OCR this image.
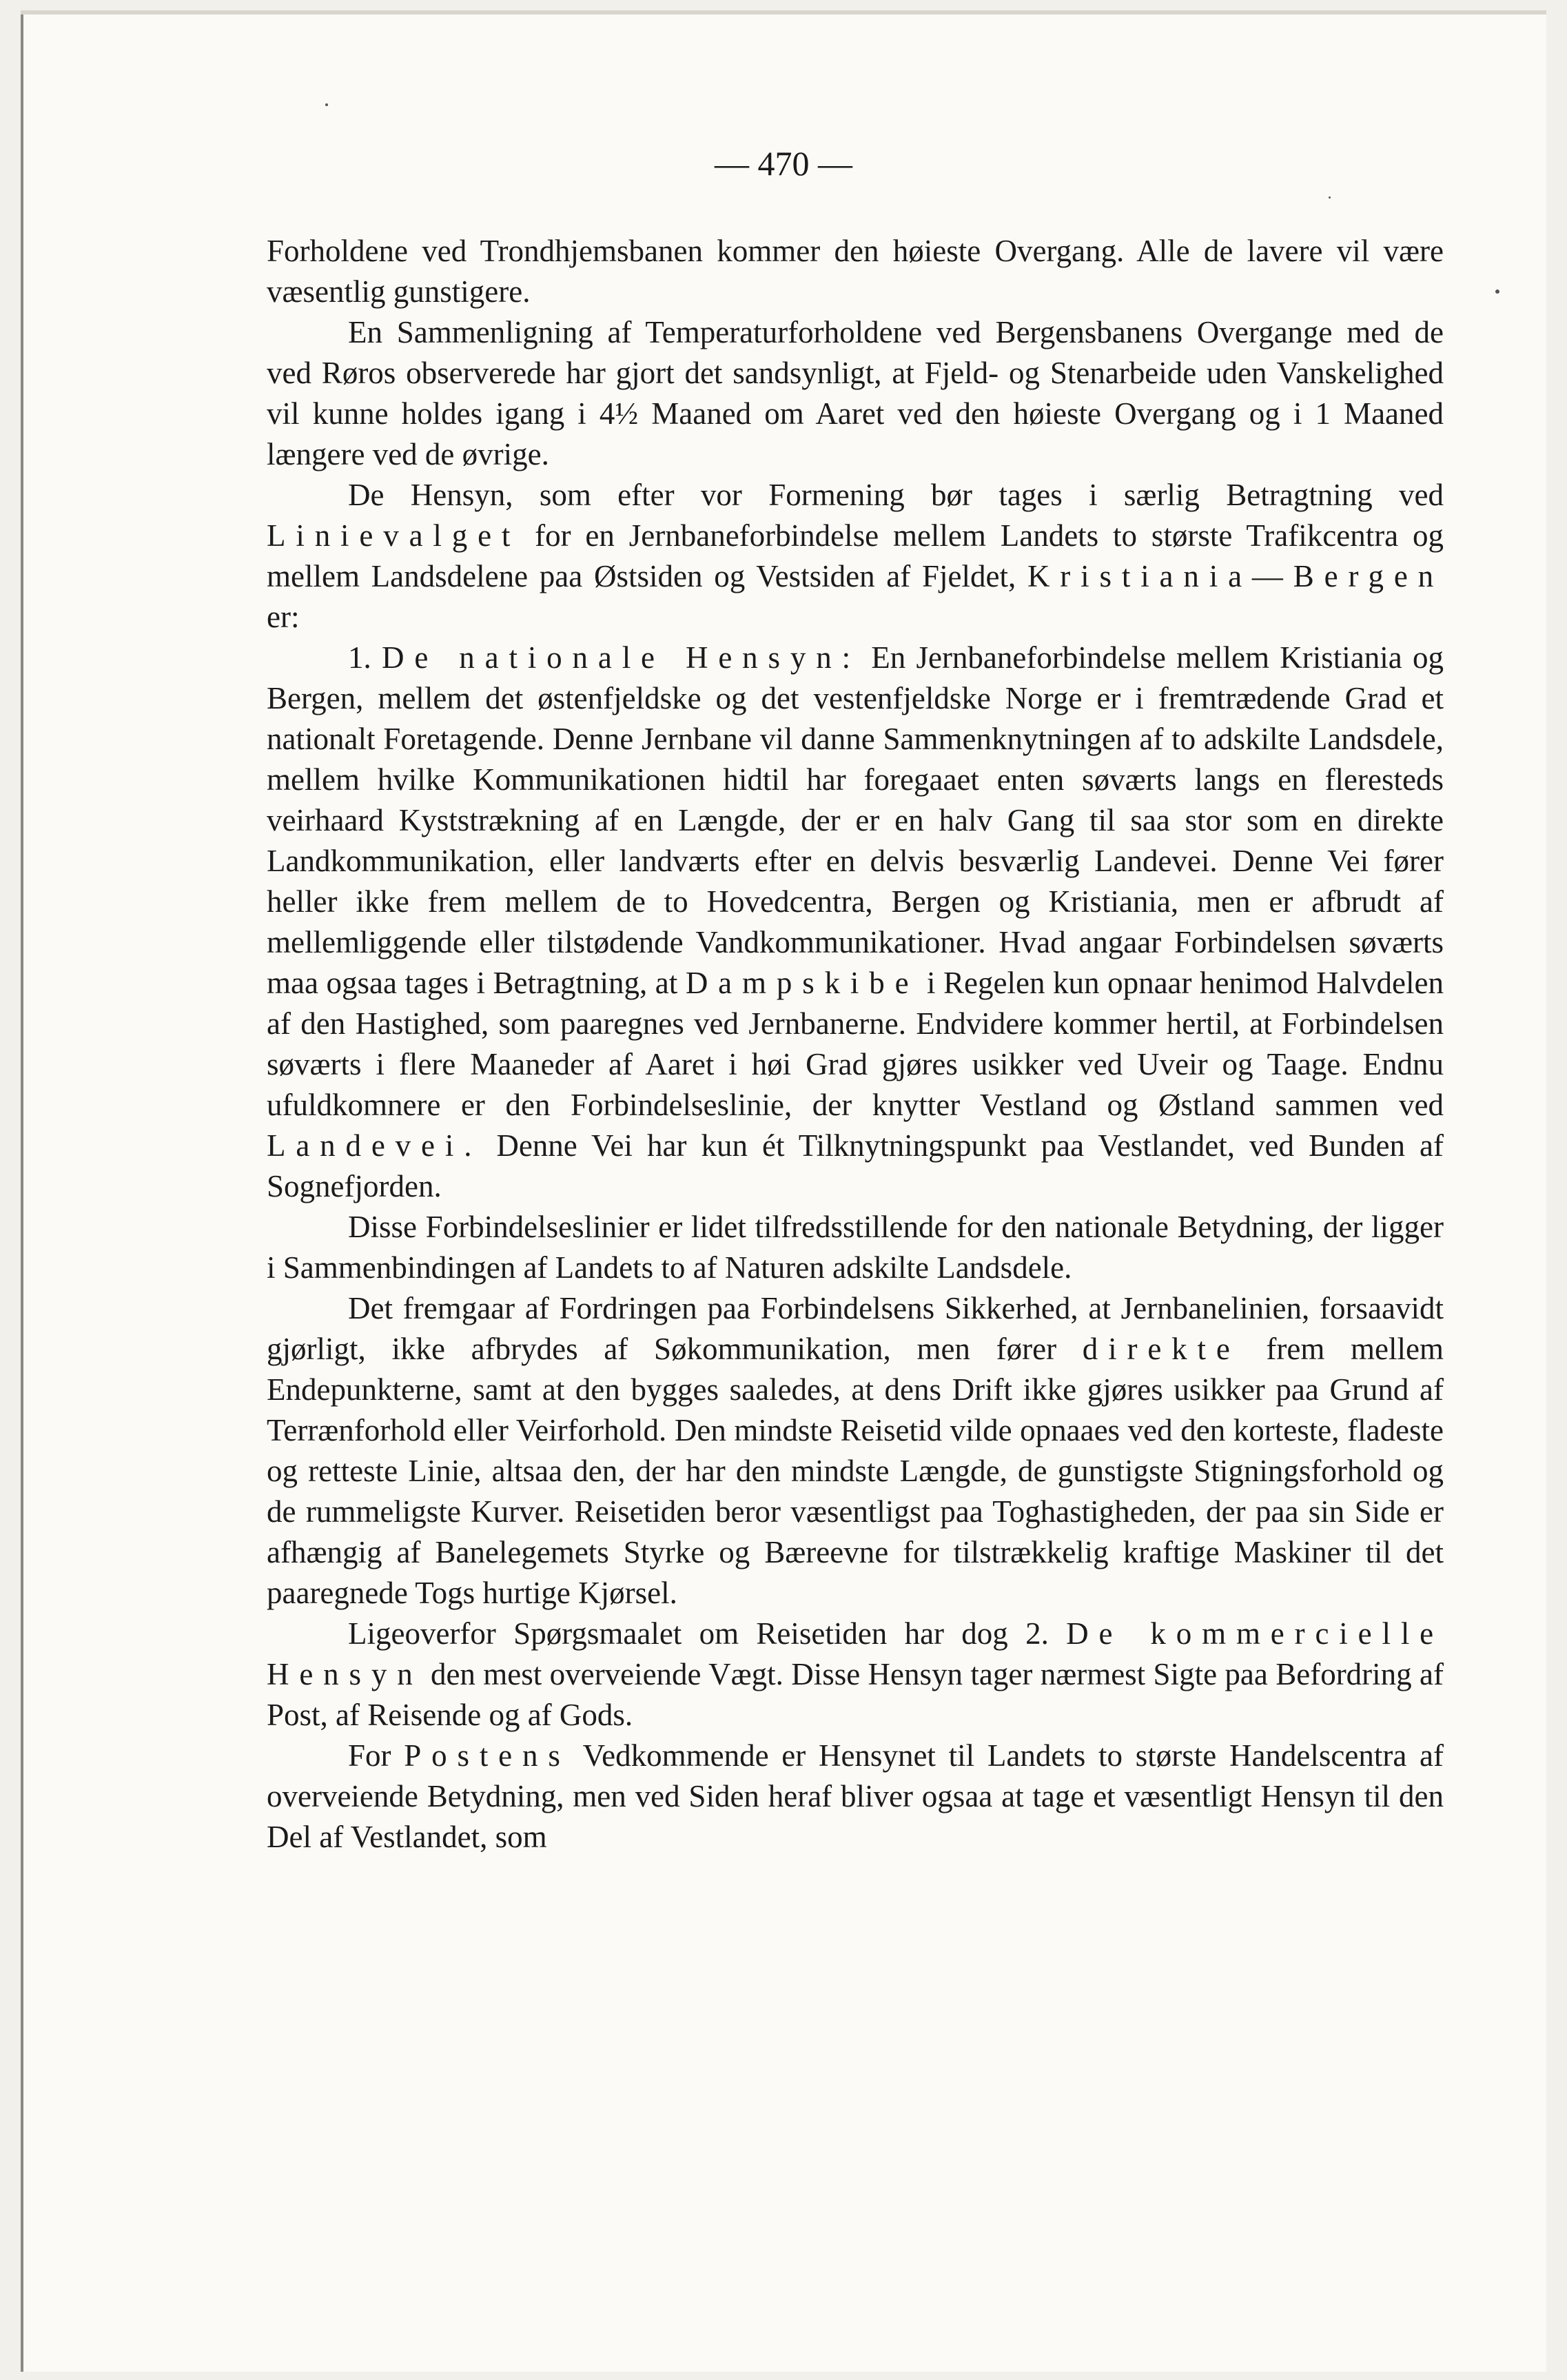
— 470 —

Forholdene ved Trondhjemsbanen kommer den høieste Overgang. Alle de lavere vil være væsentlig gunstigere.

En Sammenligning af Temperaturforholdene ved Bergensbanens Overgange med de ved Røros observerede har gjort det sandsynligt, at Fjeld- og Stenarbeide uden Vanskelighed vil kunne holdes igang i 4½ Maaned om Aaret ved den høieste Overgang og i 1 Maaned længere ved de øvrige.

De Hensyn, som efter vor Formening bør tages i særlig Betragtning ved Linievalget for en Jernbaneforbindelse mellem Landets to største Trafikcentra og mellem Landsdelene paa Østsiden og Vestsiden af Fjeldet, Kristiania—Bergen er:

1. De nationale Hensyn: En Jernbaneforbindelse mellem Kristiania og Bergen, mellem det østenfjeldske og det vestenfjeldske Norge er i fremtrædende Grad et nationalt Foretagende. Denne Jernbane vil danne Sammenknytningen af to adskilte Landsdele, mellem hvilke Kommunikationen hidtil har foregaaet enten søværts langs en fleresteds veirhaard Kyststrækning af en Længde, der er en halv Gang til saa stor som en direkte Landkommunikation, eller landværts efter en delvis besværlig Landevei. Denne Vei fører heller ikke frem mellem de to Hovedcentra, Bergen og Kristiania, men er afbrudt af mellemliggende eller tilstødende Vandkommunikationer. Hvad angaar Forbindelsen søværts maa ogsaa tages i Betragtning, at Dampskibe i Regelen kun opnaar henimod Halvdelen af den Hastighed, som paaregnes ved Jernbanerne. Endvidere kommer hertil, at Forbindelsen søværts i flere Maaneder af Aaret i høi Grad gjøres usikker ved Uveir og Taage. Endnu ufuldkomnere er den Forbindelseslinie, der knytter Vestland og Østland sammen ved Landevei. Denne Vei har kun ét Tilknytningspunkt paa Vestlandet, ved Bunden af Sognefjorden.

Disse Forbindelseslinier er lidet tilfredsstillende for den nationale Betydning, der ligger i Sammenbindingen af Landets to af Naturen adskilte Landsdele.

Det fremgaar af Fordringen paa Forbindelsens Sikkerhed, at Jernbanelinien, forsaavidt gjørligt, ikke afbrydes af Søkommunikation, men fører direkte frem mellem Endepunkterne, samt at den bygges saaledes, at dens Drift ikke gjøres usikker paa Grund af Terrænforhold eller Veirforhold. Den mindste Reisetid vilde opnaaes ved den korteste, fladeste og retteste Linie, altsaa den, der har den mindste Længde, de gunstigste Stigningsforhold og de rummeligste Kurver. Reisetiden beror væsentligst paa Toghastigheden, der paa sin Side er afhængig af Banelegemets Styrke og Bæreevne for tilstrækkelig kraftige Maskiner til det paaregnede Togs hurtige Kjørsel.

Ligeoverfor Spørgsmaalet om Reisetiden har dog 2. De kommercielle Hensyn den mest overveiende Vægt. Disse Hensyn tager nærmest Sigte paa Befordring af Post, af Reisende og af Gods.

For Postens Vedkommende er Hensynet til Landets to største Handelscentra af overveiende Betydning, men ved Siden heraf bliver ogsaa at tage et væsentligt Hensyn til den Del af Vestlandet, som
